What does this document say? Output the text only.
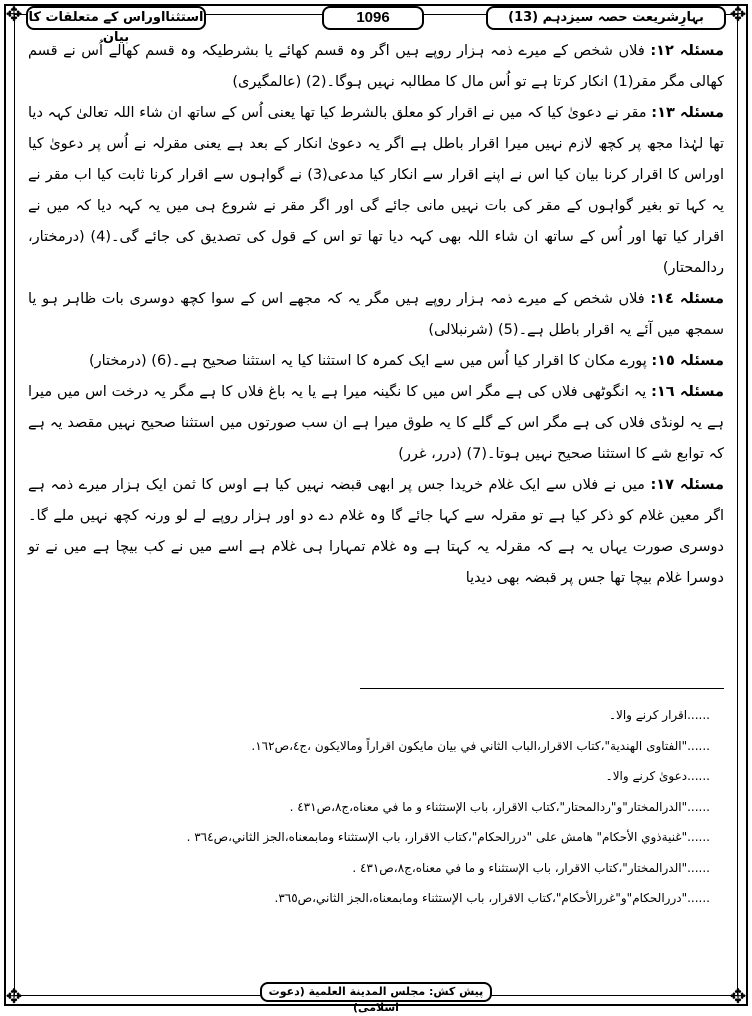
✥	✥
✥	✥
بہارِشریعت حصہ سیزدہم (13)
1096
استثنااوراس کے متعلقات کا بیان

مسئلہ ١٢: فلاں شخص کے میرے ذمہ ہزار روپے ہیں اگر وہ قسم کھائے یا بشرطیکہ وہ قسم کھالے اُس نے قسم کھالی مگر مقر(1) انکار کرتا ہے تو اُس مال کا مطالبہ نہیں ہوگا۔(2) (عالمگیری)

مسئلہ ١٣: مقر نے دعویٰ کیا کہ میں نے اقرار کو معلق بالشرط کیا تھا یعنی اُس کے ساتھ ان شاء اللہ تعالیٰ کہہ دیا تھا لہٰذا مجھ پر کچھ لازم نہیں میرا اقرار باطل ہے اگر یہ دعویٰ انکار کے بعد ہے یعنی مقرلہ نے اُس پر دعویٰ کیا اوراس کا اقرار کرنا بیان کیا اس نے اپنے اقرار سے انکار کیا مدعی(3) نے گواہوں سے اقرار کرنا ثابت کیا اب مقر نے یہ کہا تو بغیر گواہوں کے مقر کی بات نہیں مانی جائے گی اور اگر مقر نے شروع ہی میں یہ کہہ دیا کہ میں نے اقرار کیا تھا اور اُس کے ساتھ ان شاء اللہ بھی کہہ دیا تھا تو اس کے قول کی تصدیق کی جائے گی۔(4) (درمختار، ردالمحتار)

مسئلہ ١٤: فلاں شخص کے میرے ذمہ ہزار روپے ہیں مگر یہ کہ مجھے اس کے سوا کچھ دوسری بات ظاہر ہو یا سمجھ میں آئے یہ اقرار باطل ہے۔(5) (شرنبلالی)

مسئلہ ١٥: پورے مکان کا اقرار کیا اُس میں سے ایک کمرہ کا استثنا کیا یہ استثنا صحیح ہے۔(6) (درمختار)

مسئلہ ١٦: یہ انگوٹھی فلاں کی ہے مگر اس میں کا نگینہ میرا ہے یا یہ باغ فلاں کا ہے مگر یہ درخت اس میں میرا ہے یہ لونڈی فلاں کی ہے مگر اس کے گلے کا یہ طوق میرا ہے ان سب صورتوں میں استثنا صحیح نہیں مقصد یہ ہے کہ توابع شے کا استثنا صحیح نہیں ہوتا۔(7) (درر، غرر)

مسئلہ ١٧: میں نے فلاں سے ایک غلام خریدا جس پر ابھی قبضہ نہیں کیا ہے اوس کا ثمن ایک ہزار میرے ذمہ ہے اگر معین غلام کو ذکر کیا ہے تو مقرلہ سے کہا جائے گا وہ غلام دے دو اور ہزار روپے لے لو ورنہ کچھ نہیں ملے گا۔ دوسری صورت یہاں یہ ہے کہ مقرلہ یہ کہتا ہے وہ غلام تمہارا ہی غلام ہے اسے میں نے کب بیچا ہے میں نے تو دوسرا غلام بیچا تھا جس پر قبضہ بھی دیدیا

......اقرار کرنے والا۔
......"الفتاوی الهندية"،كتاب الاقرار،الباب الثاني في بيان مايكون اقراراً ومالايكون ،ج٤،ص١٦٢.
......دعویٰ کرنے والا۔
......"الدرالمختار"و"ردالمحتار"،كتاب الاقرار، باب الإستثناء و ما في معناه،ج٨،ص٤٣١ .
......"غنيةذوي الأحكام" هامش على "دررالحكام"،كتاب الاقرار، باب الإستثناء ومابمعناه،الجز الثاني،ص٣٦٤ .
......"الدرالمختار"،كتاب الاقرار، باب الإستثناء و ما في معناه،ج٨،ص٤٣١ .
......"دررالحكام"و"غررالأحكام"،كتاب الاقرار، باب الإستثناء ومابمعناه،الجز الثاني،ص٣٦٥.
پیش کش: مجلس المدينة العلمية (دعوت اسلامی)
